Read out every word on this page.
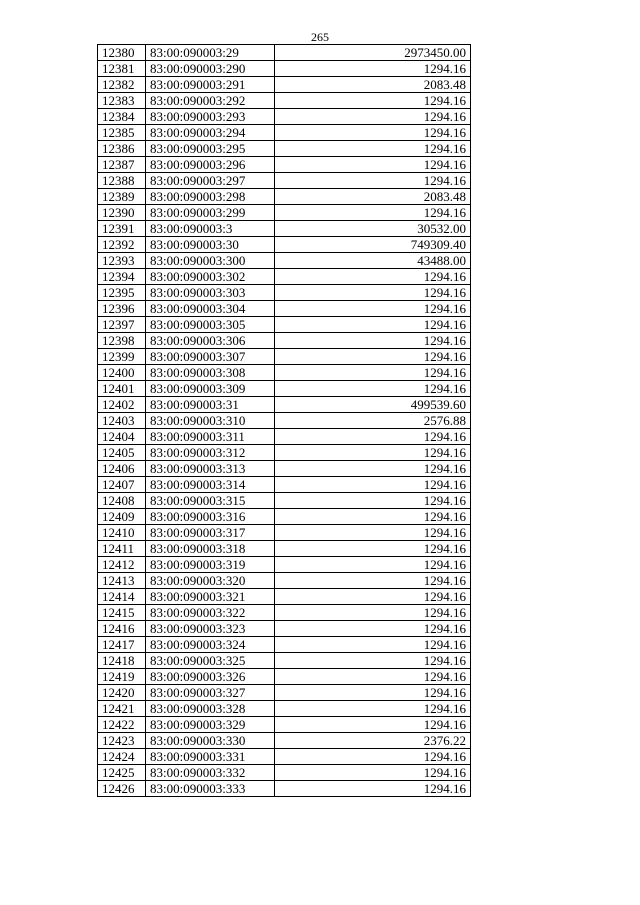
265
12380	83:00:090003:29	2973450.00
12381	83:00:090003:290	1294.16
12382	83:00:090003:291	2083.48
12383	83:00:090003:292	1294.16
12384	83:00:090003:293	1294.16
12385	83:00:090003:294	1294.16
12386	83:00:090003:295	1294.16
12387	83:00:090003:296	1294.16
12388	83:00:090003:297	1294.16
12389	83:00:090003:298	2083.48
12390	83:00:090003:299	1294.16
12391	83:00:090003:3	30532.00
12392	83:00:090003:30	749309.40
12393	83:00:090003:300	43488.00
12394	83:00:090003:302	1294.16
12395	83:00:090003:303	1294.16
12396	83:00:090003:304	1294.16
12397	83:00:090003:305	1294.16
12398	83:00:090003:306	1294.16
12399	83:00:090003:307	1294.16
12400	83:00:090003:308	1294.16
12401	83:00:090003:309	1294.16
12402	83:00:090003:31	499539.60
12403	83:00:090003:310	2576.88
12404	83:00:090003:311	1294.16
12405	83:00:090003:312	1294.16
12406	83:00:090003:313	1294.16
12407	83:00:090003:314	1294.16
12408	83:00:090003:315	1294.16
12409	83:00:090003:316	1294.16
12410	83:00:090003:317	1294.16
12411	83:00:090003:318	1294.16
12412	83:00:090003:319	1294.16
12413	83:00:090003:320	1294.16
12414	83:00:090003:321	1294.16
12415	83:00:090003:322	1294.16
12416	83:00:090003:323	1294.16
12417	83:00:090003:324	1294.16
12418	83:00:090003:325	1294.16
12419	83:00:090003:326	1294.16
12420	83:00:090003:327	1294.16
12421	83:00:090003:328	1294.16
12422	83:00:090003:329	1294.16
12423	83:00:090003:330	2376.22
12424	83:00:090003:331	1294.16
12425	83:00:090003:332	1294.16
12426	83:00:090003:333	1294.16
